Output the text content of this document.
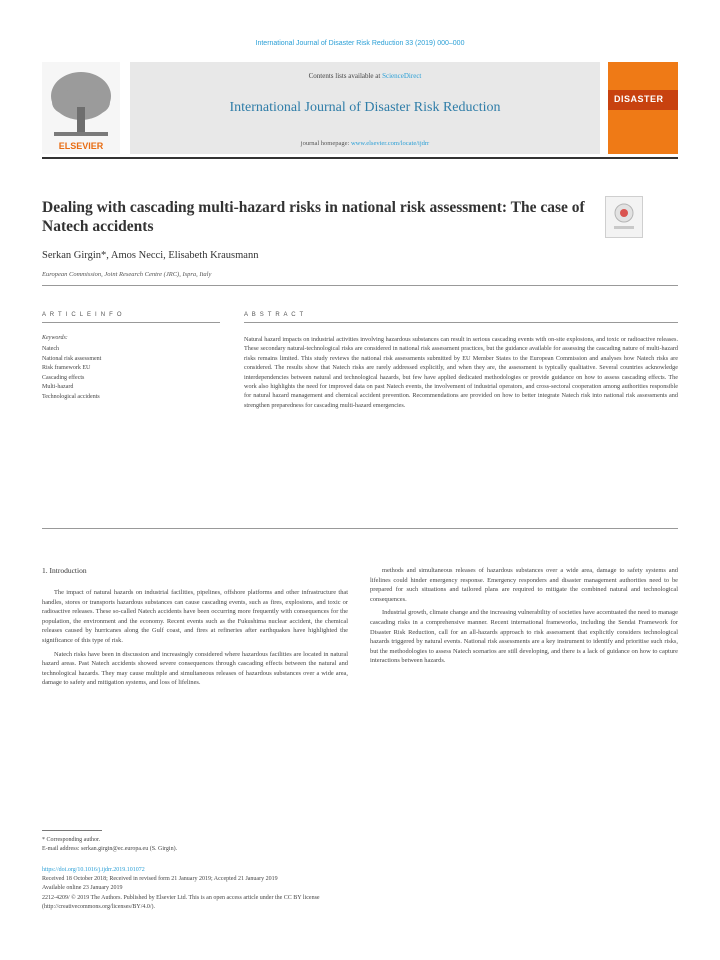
International Journal of Disaster Risk Reduction 33 (2019) 000–000
ELSEVIER
Contents lists available at ScienceDirect
International Journal of Disaster Risk Reduction
journal homepage: www.elsevier.com/locate/ijdrr
DISASTER
Dealing with cascading multi-hazard risks in national risk assessment: The case of Natech accidents
Serkan Girgin*, Amos Necci, Elisabeth Krausmann
European Commission, Joint Research Centre (JRC), Ispra, Italy
A R T I C L E I N F O	A B S T R A C T
Keywords:
Natech
National risk assessment
Risk framework EU
Cascading effects
Multi-hazard
Technological accidents
Natural hazard impacts on industrial activities involving hazardous substances can result in serious cascading events with on-site explosions, and toxic or radioactive releases. These secondary natural-technological risks are considered in national risk assessment practices, but the guidance available for assessing the cascading nature of multi-hazard risks remains limited. This study reviews the national risk assessments submitted by EU Member States to the European Commission and analyses how Natech risks are considered. The results show that Natech risks are rarely addressed explicitly, and when they are, the assessment is typically qualitative. Several countries acknowledge interdependencies between natural and technological hazards, but few have applied dedicated methodologies or provide guidance on how to assess cascading effects. The work also highlights the need for improved data on past Natech events, the involvement of industrial operators, and cross-sectoral cooperation among authorities responsible for natural hazard management and chemical accident prevention. Recommendations are provided on how to better integrate Natech risk into national risk assessments and strengthen preparedness for cascading multi-hazard emergencies.
1. Introduction

The impact of natural hazards on industrial facilities, pipelines, offshore platforms and other infrastructure that handles, stores or transports hazardous substances can cause cascading events, such as fires, explosions, and toxic or radioactive releases. These so-called Natech accidents have been occurring more frequently with consequences for the population, the environment and the economy. Recent events such as the Fukushima nuclear accident, the chemical releases caused by hurricanes along the Gulf coast, and fires at refineries after earthquakes have highlighted the significance of this type of risk.

Natech risks have been in discussion and increasingly considered where hazardous facilities are located in natural hazard areas. Past Natech accidents showed severe consequences through cascading effects between the natural and technological hazards. They may cause multiple and simultaneous releases of hazardous substances over a wide area, damage to safety and mitigation systems, and loss of lifelines.

methods and simultaneous releases of hazardous substances over a wide area, damage to safety systems and lifelines could hinder emergency response. Emergency responders and disaster management authorities need to be prepared for such situations and tailored plans are required to mitigate the combined natural and technological consequences.

Industrial growth, climate change and the increasing vulnerability of societies have accentuated the need to manage cascading risks in a comprehensive manner. Recent international frameworks, including the Sendai Framework for Disaster Risk Reduction, call for an all-hazards approach to risk assessment that explicitly considers technological hazards triggered by natural events. National risk assessments are a key instrument to identify and prioritise such risks, but the methodologies to assess Natech scenarios are still developing, and there is a lack of guidance on how to capture interactions between hazards.

* Corresponding author.
E-mail address: serkan.girgin@ec.europa.eu (S. Girgin).
https://doi.org/10.1016/j.ijdrr.2019.101072
Received 18 October 2018; Received in revised form 21 January 2019; Accepted 21 January 2019
Available online 23 January 2019
2212-4209/ © 2019 The Authors. Published by Elsevier Ltd. This is an open access article under the CC BY license
(http://creativecommons.org/licenses/BY/4.0/).
